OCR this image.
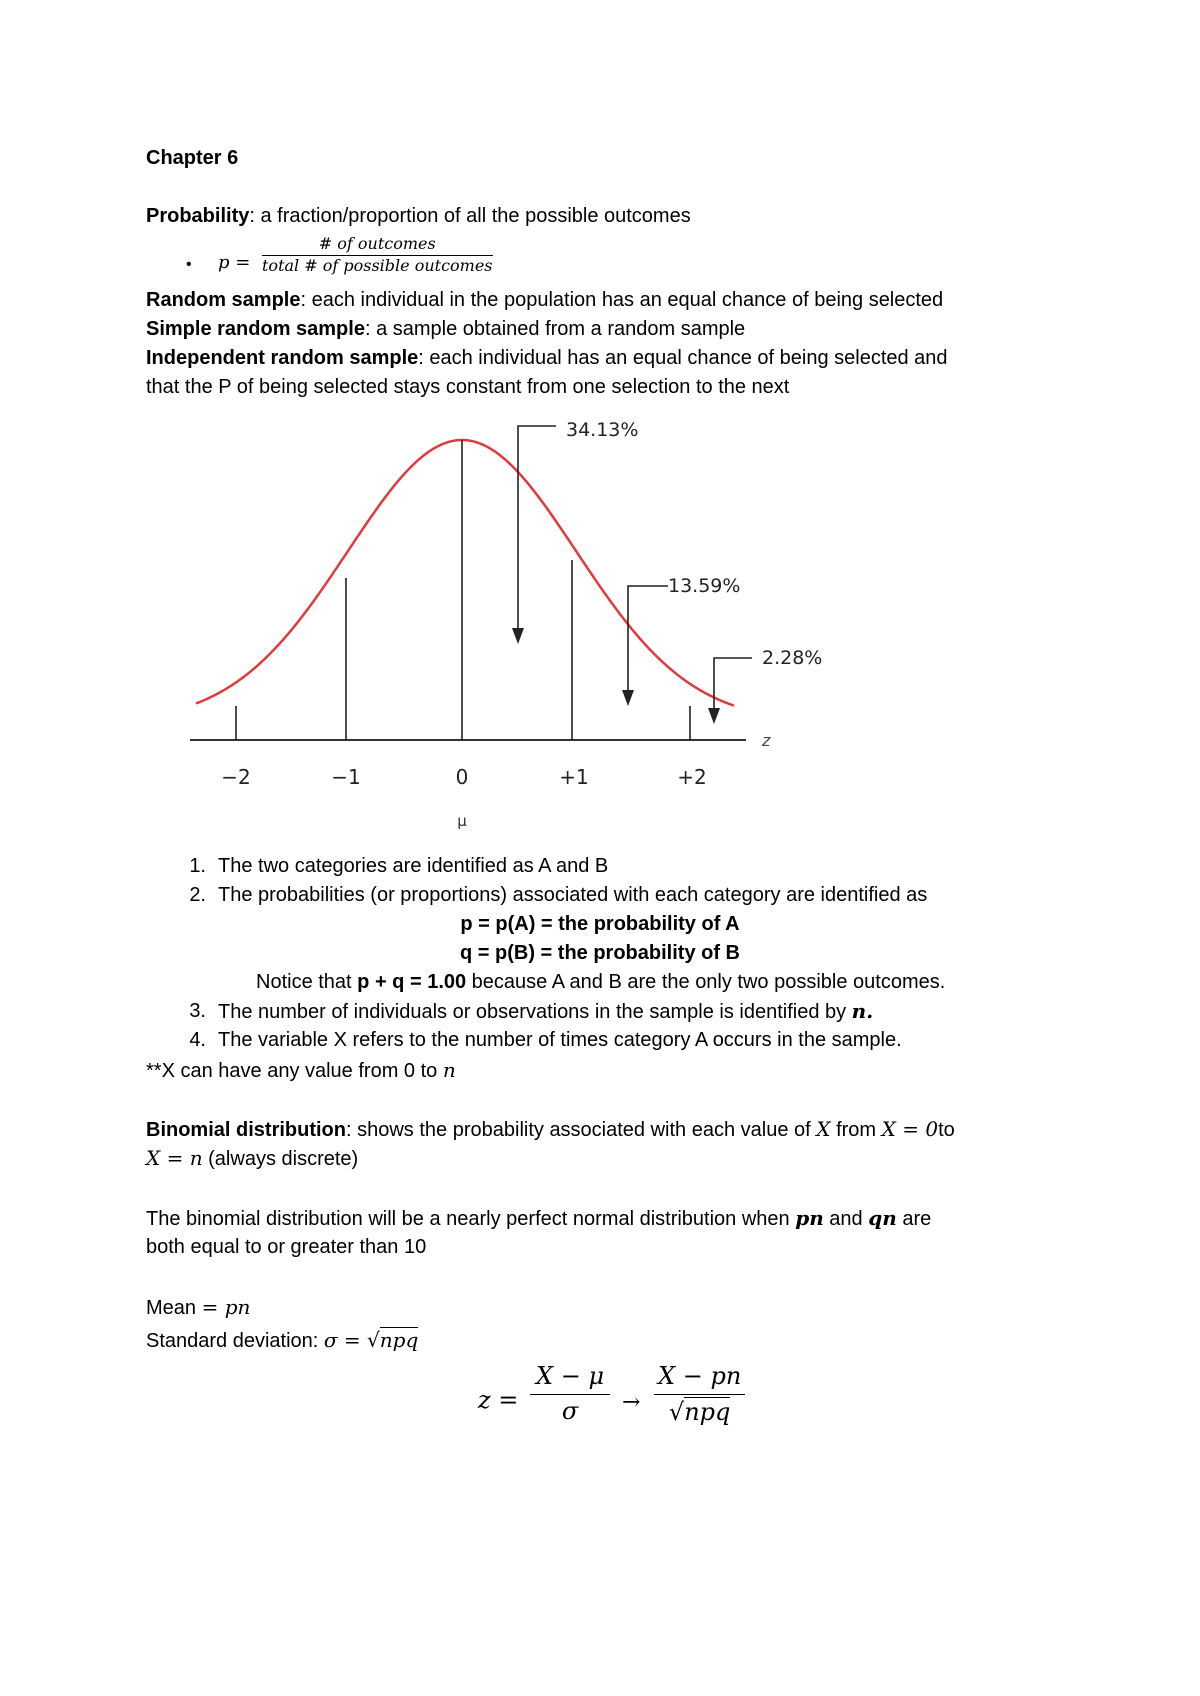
Chapter 6
Probability: a fraction/proportion of all the possible outcomes
• p =
# of outcomes
total # of possible outcomes
Random sample: each individual in the population has an equal chance of being selected
Simple random sample: a sample obtained from a random sample
Independent random sample: each individual has an equal chance of being selected and
that the P of being selected stays constant from one selection to the next
34.13%
13.59%
2.28%
z
−2	−1	0	+1	+2
μ
1. The two categories are identified as A and B
2. The probabilities (or proportions) associated with each category are identified as
p = p(A) = the probability of A
q = p(B) = the probability of B
Notice that p + q = 1.00 because A and B are the only two possible outcomes.
3. The number of individuals or observations in the sample is identified by n.
4. The variable X refers to the number of times category A occurs in the sample.
**X can have any value from 0 to n
Binomial distribution: shows the probability associated with each value of X from X = 0to
X = n (always discrete)
The binomial distribution will be a nearly perfect normal distribution when pn and qn are
both equal to or greater than 10
Mean = pn
Standard deviation: σ = √npq
$z = \frac{X - \mu}{\sigma}$ →
X − pn
√npq
